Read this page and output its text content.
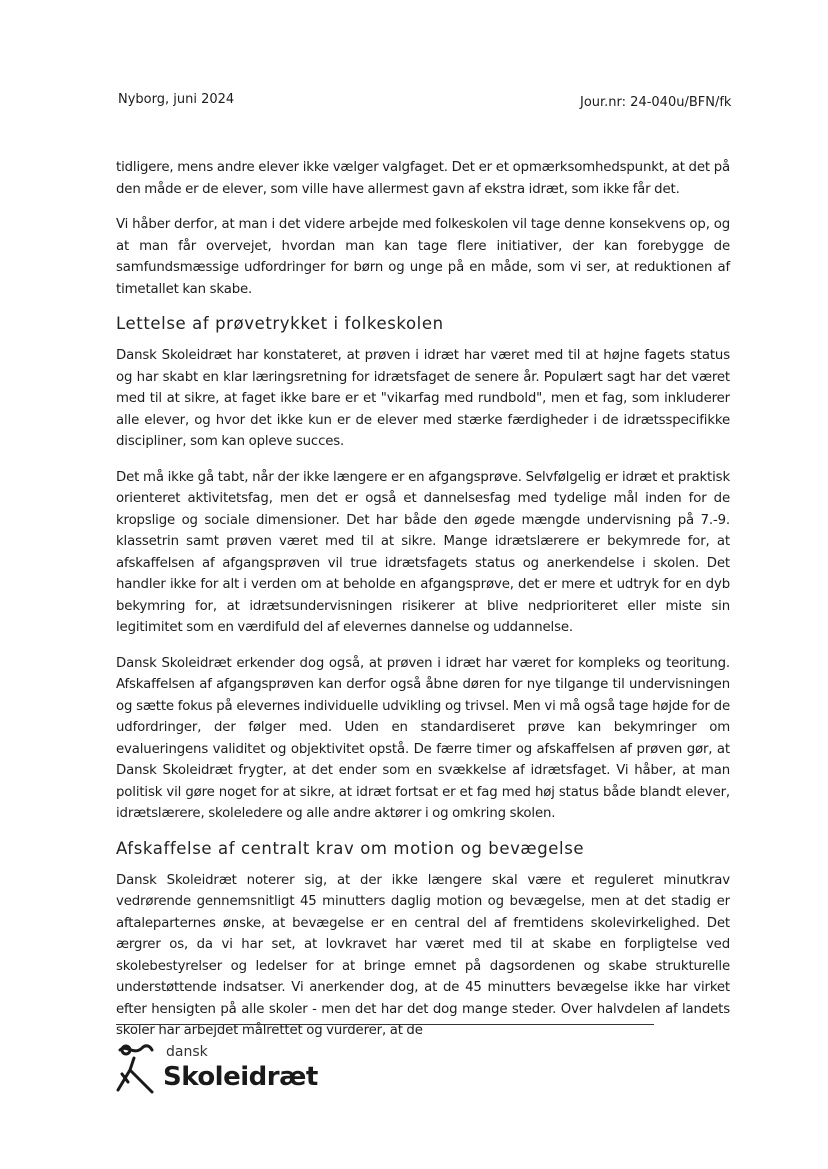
Nyborg, juni 2024	Jour.nr: 24-040u/BFN/fk

tidligere, mens andre elever ikke vælger valgfaget. Det er et opmærksomhedspunkt, at det på den måde er de elever, som ville have allermest gavn af ekstra idræt, som ikke får det.

Vi håber derfor, at man i det videre arbejde med folkeskolen vil tage denne konsekvens op, og at man får overvejet, hvordan man kan tage flere initiativer, der kan forebygge de samfundsmæssige udfordringer for børn og unge på en måde, som vi ser, at reduktionen af timetallet kan skabe.

Lettelse af prøvetrykket i folkeskolen

Dansk Skoleidræt har konstateret, at prøven i idræt har været med til at højne fagets status og har skabt en klar læringsretning for idrætsfaget de senere år. Populært sagt har det været med til at sikre, at faget ikke bare er et "vikarfag med rundbold", men et fag, som inkluderer alle elever, og hvor det ikke kun er de elever med stærke færdigheder i de idrætsspecifikke discipliner, som kan opleve succes.

Det må ikke gå tabt, når der ikke længere er en afgangsprøve. Selvfølgelig er idræt et praktisk orienteret aktivitetsfag, men det er også et dannelsesfag med tydelige mål inden for de kropslige og sociale dimensioner. Det har både den øgede mængde undervisning på 7.-9. klassetrin samt prøven været med til at sikre. Mange idrætslærere er bekymrede for, at afskaffelsen af afgangsprøven vil true idrætsfagets status og anerkendelse i skolen. Det handler ikke for alt i verden om at beholde en afgangsprøve, det er mere et udtryk for en dyb bekymring for, at idrætsundervisningen risikerer at blive nedprioriteret eller miste sin legitimitet som en værdifuld del af elevernes dannelse og uddannelse.

Dansk Skoleidræt erkender dog også, at prøven i idræt har været for kompleks og teoritung. Afskaffelsen af afgangsprøven kan derfor også åbne døren for nye tilgange til undervisningen og sætte fokus på elevernes individuelle udvikling og trivsel. Men vi må også tage højde for de udfordringer, der følger med. Uden en standardiseret prøve kan bekymringer om evalueringens validitet og objektivitet opstå. De færre timer og afskaffelsen af prøven gør, at Dansk Skoleidræt frygter, at det ender som en svækkelse af idrætsfaget. Vi håber, at man politisk vil gøre noget for at sikre, at idræt fortsat er et fag med høj status både blandt elever, idrætslærere, skoleledere og alle andre aktører i og omkring skolen.

Afskaffelse af centralt krav om motion og bevægelse

Dansk Skoleidræt noterer sig, at der ikke længere skal være et reguleret minutkrav vedrørende gennemsnitligt 45 minutters daglig motion og bevægelse, men at det stadig er aftaleparternes ønske, at bevægelse er en central del af fremtidens skolevirkelighed. Det ærgrer os, da vi har set, at lovkravet har været med til at skabe en forpligtelse ved skolebestyrelser og ledelser for at bringe emnet på dagsordenen og skabe strukturelle understøttende indsatser. Vi anerkender dog, at de 45 minutters bevægelse ikke har virket efter hensigten på alle skoler - men det har det dog mange steder. Over halvdelen af landets skoler har arbejdet målrettet og vurderer, at de

dansk
Skoleidræt
